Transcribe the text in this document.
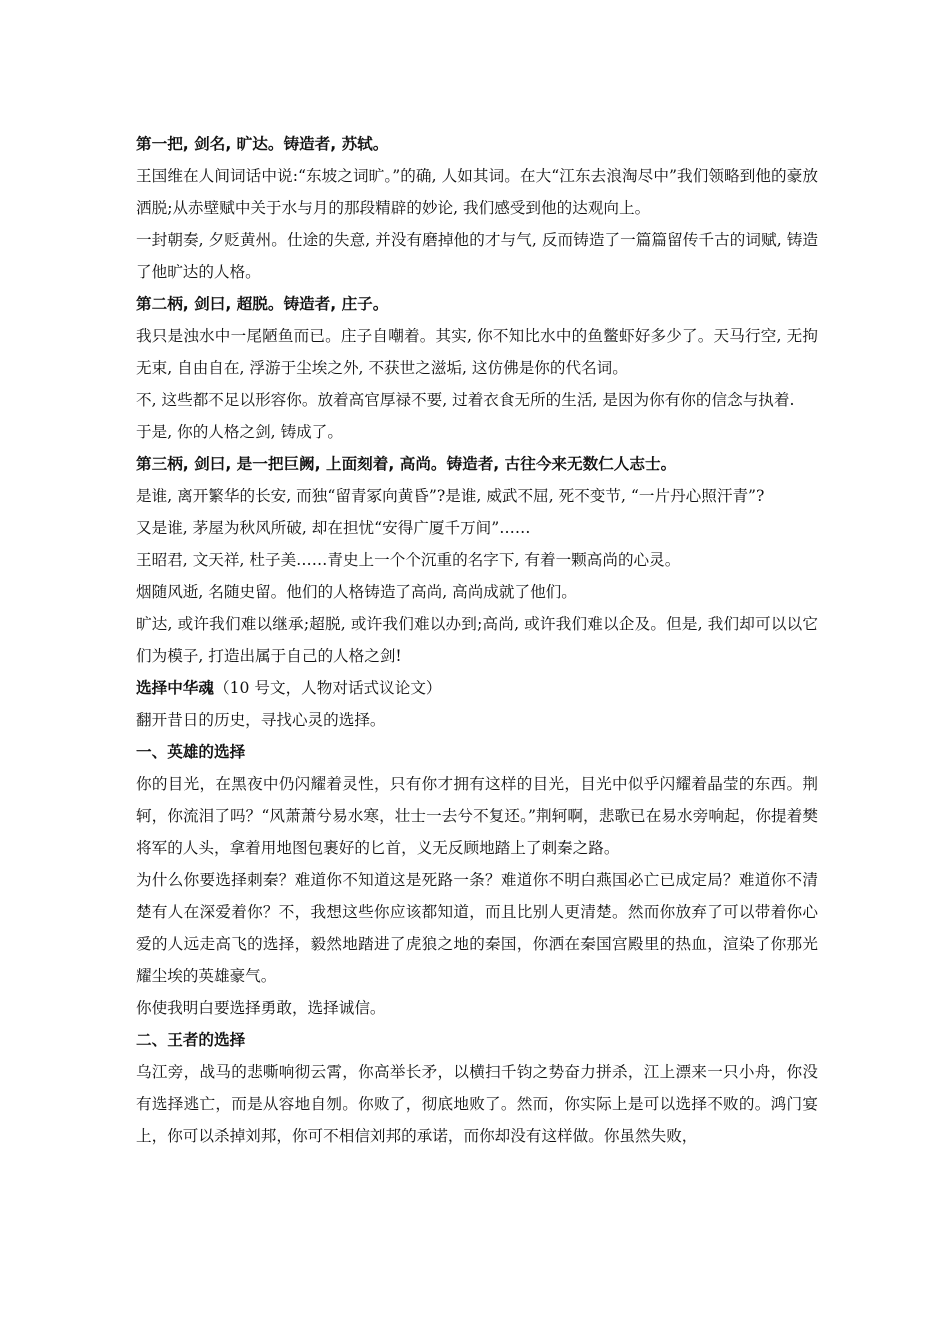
第一把, 剑名, 旷达。铸造者, 苏轼。

王国维在人间词话中说:“东坡之词旷。”的确, 人如其词。在大“江东去浪淘尽中”我们领略到他的豪放洒脱;从赤壁赋中关于水与月的那段精辟的妙论, 我们感受到他的达观向上。

一封朝奏, 夕贬黄州。仕途的失意, 并没有磨掉他的才与气, 反而铸造了一篇篇留传千古的词赋, 铸造了他旷达的人格。

第二柄, 剑曰, 超脱。铸造者, 庄子。

我只是浊水中一尾陋鱼而已。庄子自嘲着。其实, 你不知比水中的鱼鳖虾好多少了。天马行空, 无拘无束, 自由自在, 浮游于尘埃之外, 不获世之滋垢, 这仿佛是你的代名词。

不, 这些都不足以形容你。放着高官厚禄不要, 过着衣食无所的生活, 是因为你有你的信念与执着.

于是, 你的人格之剑, 铸成了。

第三柄, 剑曰, 是一把巨阙, 上面刻着, 高尚。铸造者, 古往今来无数仁人志士。

是谁, 离开繁华的长安, 而独“留青冢向黄昏”?是谁, 威武不屈, 死不变节, “一片丹心照汗青”?

又是谁, 茅屋为秋风所破, 却在担忧“安得广厦千万间”……

王昭君, 文天祥, 杜子美……青史上一个个沉重的名字下, 有着一颗高尚的心灵。

烟随风逝, 名随史留。他们的人格铸造了高尚, 高尚成就了他们。

旷达, 或许我们难以继承;超脱, 或许我们难以办到;高尚, 或许我们难以企及。但是, 我们却可以以它们为模子, 打造出属于自己的人格之剑!

选择中华魂（10 号文，人物对话式议论文）

翻开昔日的历史，寻找心灵的选择。

一、英雄的选择

你的目光，在黑夜中仍闪耀着灵性，只有你才拥有这样的目光，目光中似乎闪耀着晶莹的东西。荆轲，你流泪了吗？“风萧萧兮易水寒，壮士一去兮不复还。”荆轲啊，悲歌已在易水旁响起，你提着樊将军的人头，拿着用地图包裹好的匕首，义无反顾地踏上了刺秦之路。

为什么你要选择刺秦？难道你不知道这是死路一条？难道你不明白燕国必亡已成定局？难道你不清楚有人在深爱着你？不，我想这些你应该都知道，而且比别人更清楚。然而你放弃了可以带着你心爱的人远走高飞的选择，毅然地踏进了虎狼之地的秦国，你洒在秦国宫殿里的热血，渲染了你那光耀尘埃的英雄豪气。

你使我明白要选择勇敢，选择诚信。

二、王者的选择

乌江旁，战马的悲嘶响彻云霄，你高举长矛，以横扫千钧之势奋力拼杀，江上漂来一只小舟，你没有选择逃亡，而是从容地自刎。你败了，彻底地败了。然而，你实际上是可以选择不败的。鸿门宴上，你可以杀掉刘邦，你可不相信刘邦的承诺，而你却没有这样做。你虽然失败，
